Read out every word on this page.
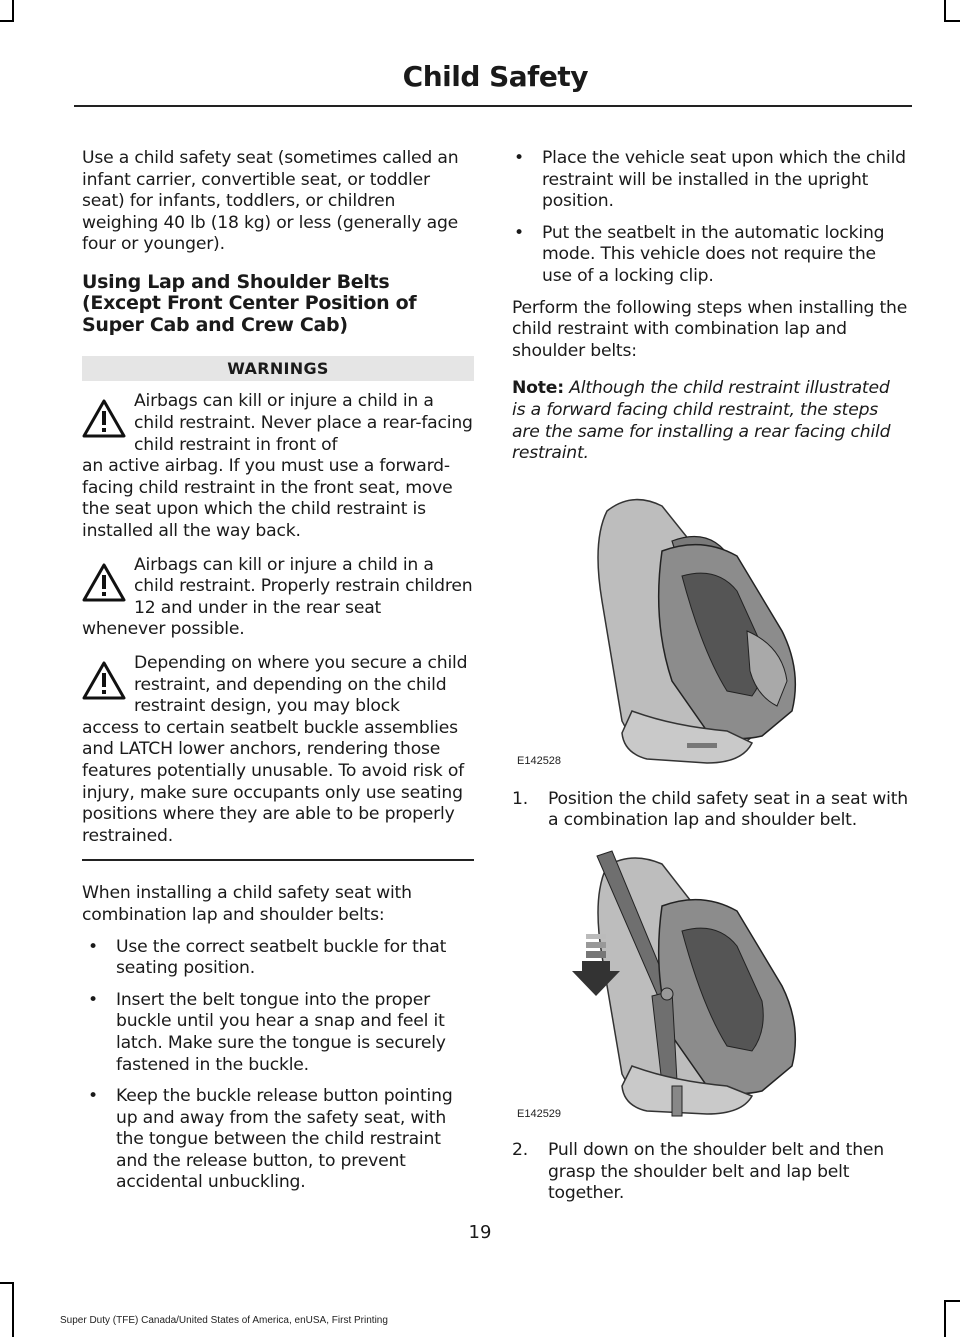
Child Safety

Use a child safety seat (sometimes called an infant carrier, convertible seat, or toddler seat) for infants, toddlers, or children weighing 40 lb (18 kg) or less (generally age four or younger).

Using Lap and Shoulder Belts (Except Front Center Position of Super Cab and Crew Cab)
WARNINGS

Airbags can kill or injure a child in a child restraint. Never place a rear-facing child restraint in front of

an active airbag. If you must use a forward-facing child restraint in the front seat, move the seat upon which the child restraint is installed all the way back.

Airbags can kill or injure a child in a child restraint. Properly restrain children 12 and under in the rear seat

whenever possible.

Depending on where you secure a child restraint, and depending on the child restraint design, you may block

access to certain seatbelt buckle assemblies and LATCH lower anchors, rendering those features potentially unusable. To avoid risk of injury, make sure occupants only use seating positions where they are able to be properly restrained.

When installing a child safety seat with combination lap and shoulder belts:

• Use the correct seatbelt buckle for that seating position.
• Insert the belt tongue into the proper buckle until you hear a snap and feel it latch. Make sure the tongue is securely fastened in the buckle.
• Keep the buckle release button pointing up and away from the safety seat, with the tongue between the child restraint and the release button, to prevent accidental unbuckling.
• Place the vehicle seat upon which the child restraint will be installed in the upright position.
• Put the seatbelt in the automatic locking mode. This vehicle does not require the use of a locking clip.

Perform the following steps when installing the child restraint with combination lap and shoulder belts:

Note: Although the child restraint illustrated is a forward facing child restraint, the steps are the same for installing a rear facing child restraint.

E142528
1. Position the child safety seat in a seat with a combination lap and shoulder belt.
E142529
2. Pull down on the shoulder belt and then grasp the shoulder belt and lap belt together.
19
Super Duty (TFE) Canada/United States of America, enUSA, First Printing
